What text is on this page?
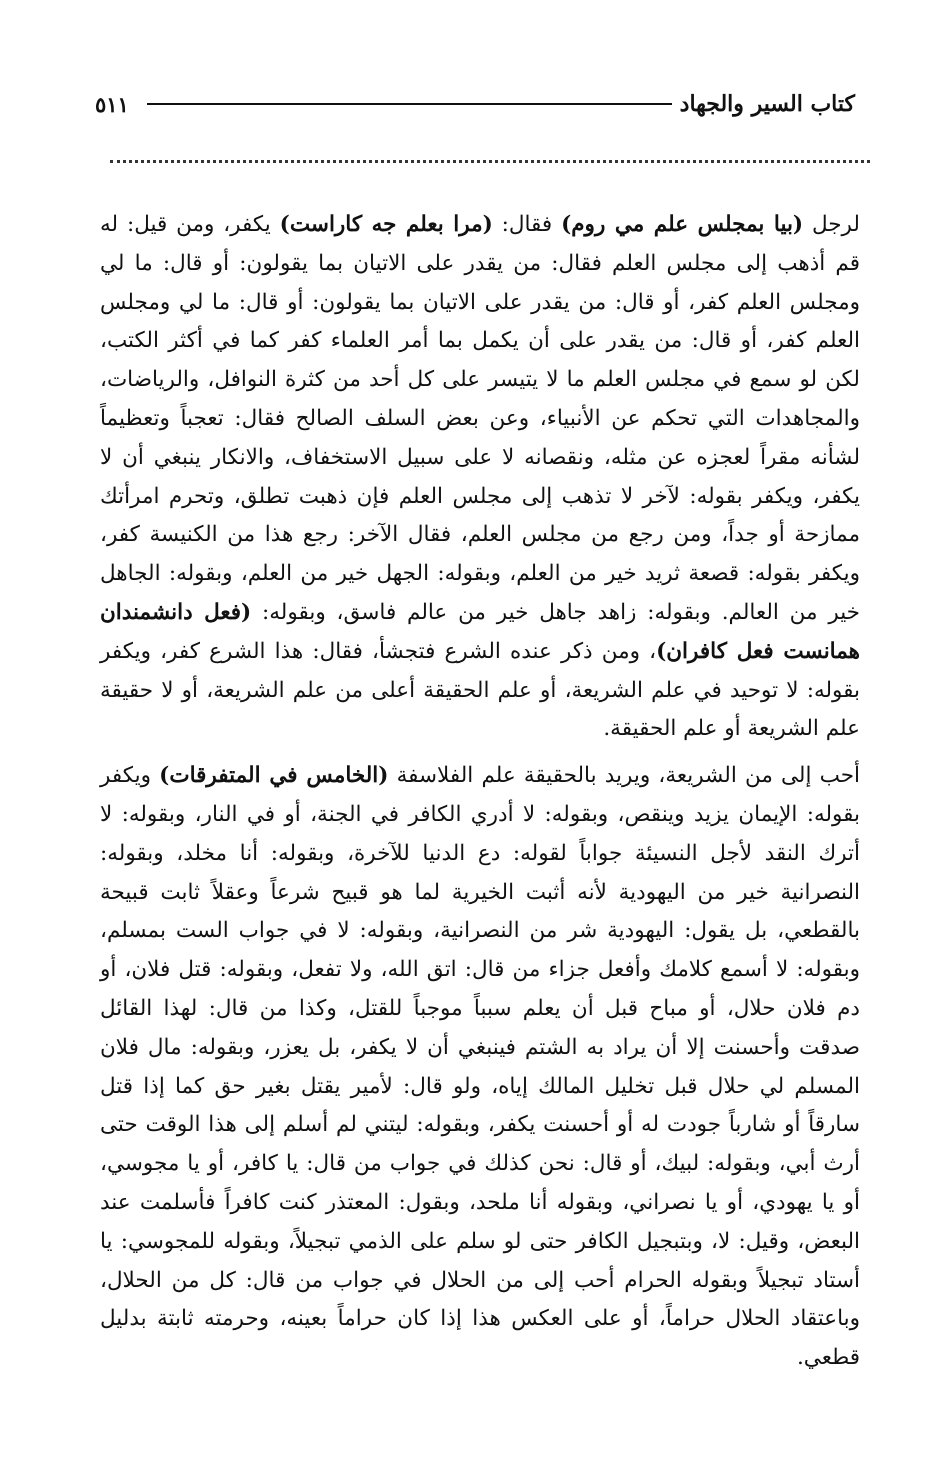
٥١١	كتاب السير والجهاد

لرجل (بيا بمجلس علم مي روم) فقال: (مرا بعلم جه كاراست) يكفر، ومن قيل: له قم أذهب إلى مجلس العلم فقال: من يقدر على الاتيان بما يقولون: أو قال: ما لي ومجلس العلم كفر، أو قال: من يقدر على الاتيان بما يقولون: أو قال: ما لي ومجلس العلم كفر، أو قال: من يقدر على أن يكمل بما أمر العلماء كفر كما في أكثر الكتب، لكن لو سمع في مجلس العلم ما لا يتيسر على كل أحد من كثرة النوافل، والرياضات، والمجاهدات التي تحكم عن الأنبياء، وعن بعض السلف الصالح فقال: تعجباً وتعظيماً لشأنه مقراً لعجزه عن مثله، ونقصانه لا على سبيل الاستخفاف، والانكار ينبغي أن لا يكفر، ويكفر بقوله: لآخر لا تذهب إلى مجلس العلم فإن ذهبت تطلق، وتحرم امرأتك ممازحة أو جداً، ومن رجع من مجلس العلم، فقال الآخر: رجع هذا من الكنيسة كفر، ويكفر بقوله: قصعة ثريد خير من العلم، وبقوله: الجهل خير من العلم، وبقوله: الجاهل خير من العالم. وبقوله: زاهد جاهل خير من عالم فاسق، وبقوله: (فعل دانشمندان همانست فعل كافران)، ومن ذكر عنده الشرع فتجشأ، فقال: هذا الشرع كفر، ويكفر بقوله: لا توحيد في علم الشريعة، أو علم الحقيقة أعلى من علم الشريعة، أو لا حقيقة علم الشريعة أو علم الحقيقة.

أحب إلى من الشريعة، ويريد بالحقيقة علم الفلاسفة (الخامس في المتفرقات) ويكفر بقوله: الإيمان يزيد وينقص، وبقوله: لا أدري الكافر في الجنة، أو في النار، وبقوله: لا أترك النقد لأجل النسيئة جواباً لقوله: دع الدنيا للآخرة، وبقوله: أنا مخلد، وبقوله: النصرانية خير من اليهودية لأنه أثبت الخيرية لما هو قبيح شرعاً وعقلاً ثابت قبيحة بالقطعي، بل يقول: اليهودية شر من النصرانية، وبقوله: لا في جواب الست بمسلم، وبقوله: لا أسمع كلامك وأفعل جزاء من قال: اتق الله، ولا تفعل، وبقوله: قتل فلان، أو دم فلان حلال، أو مباح قبل أن يعلم سبباً موجباً للقتل، وكذا من قال: لهذا القائل صدقت وأحسنت إلا أن يراد به الشتم فينبغي أن لا يكفر، بل يعزر، وبقوله: مال فلان المسلم لي حلال قبل تخليل المالك إياه، ولو قال: لأمير يقتل بغير حق كما إذا قتل سارقاً أو شارباً جودت له أو أحسنت يكفر، وبقوله: ليتني لم أسلم إلى هذا الوقت حتى أرث أبي، وبقوله: لبيك، أو قال: نحن كذلك في جواب من قال: يا كافر، أو يا مجوسي، أو يا يهودي، أو يا نصراني، وبقوله أنا ملحد، وبقول: المعتذر كنت كافراً فأسلمت عند البعض، وقيل: لا، وبتبجيل الكافر حتى لو سلم على الذمي تبجيلاً، وبقوله للمجوسي: يا أستاد تبجيلاً وبقوله الحرام أحب إلى من الحلال في جواب من قال: كل من الحلال، وباعتقاد الحلال حراماً، أو على العكس هذا إذا كان حراماً بعينه، وحرمته ثابتة بدليل قطعي.
